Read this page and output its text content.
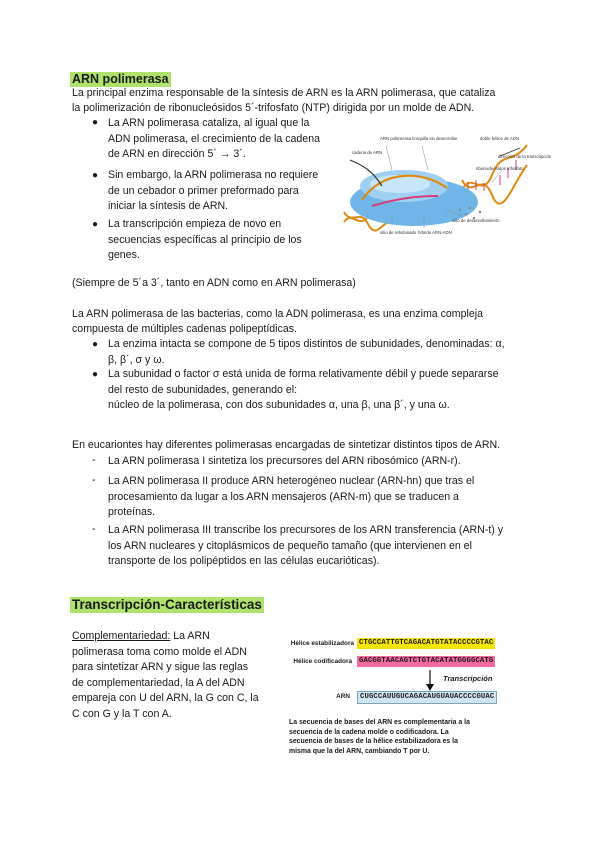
ARN polimerasa
La principal enzima responsable de la síntesis de ARN es la ARN polimerasa, que cataliza
la polimerización de ribonucleósidos 5´-trifosfato (NTP) dirigida por un molde de ADN.
● La ARN polimerasa cataliza, al igual que la
ADN polimerasa, el crecimiento de la cadena
de ARN en dirección 5´ → 3´.
● Sin embargo, la ARN polimerasa no requiere
de un cebador o primer preformado para
iniciar la síntesis de ARN.
● La transcripción empieza de novo en
secuencias específicas al principio de los
genes.
ARN polimerasa horquilla sin desenrollar	doble hélice de ADN
dirección de la transcripción
ribonucleósidos trifosfato
sitio de desenrollamiento
cadena de ARN
híbrido ARN-ADN
sitio de rebobinado
(Siempre de 5´a 3´, tanto en ADN como en ARN polimerasa)
La ARN polimerasa de las bacterias, como la ADN polimerasa, es una enzima compleja
compuesta de múltiples cadenas polipeptídicas.
● La enzima intacta se compone de 5 tipos distintos de subunidades, denominadas: α,
β, β´, σ y ω.
● La subunidad o factor σ está unida de forma relativamente débil y puede separarse
del resto de subunidades, generando el:
núcleo de la polimerasa, con dos subunidades α, una β, una β´, y una ω.
En eucariontes hay diferentes polimerasas encargadas de sintetizar distintos tipos de ARN.
- La ARN polimerasa I sintetiza los precursores del ARN ribosómico (ARN-r).
- La ARN polimerasa II produce ARN heterogéneo nuclear (ARN-hn) que tras el
procesamiento da lugar a los ARN mensajeros (ARN-m) que se traducen a
proteínas.
- La ARN polimerasa III transcribe los precursores de los ARN transferencia (ARN-t) y
los ARN nucleares y citoplásmicos de pequeño tamaño (que intervienen en el
transporte de los polipéptidos en las células eucarióticas).
Transcripción-Características
Complementariedad: La ARN
polimerasa toma como molde el ADN
para sintetizar ARN y sigue las reglas
de complementariedad, la A del ADN
empareja con U del ARN, la G con C, la
C con G y la T con A.
Hélice estabilizadora CTGCCATTGTCAGACATGTATACCCCGTAC
Hélice codificadora GACGGTAACAGTCTGTACATATGGGGCATG
Transcripción
ARN	CUGCCAUUGUCAGACAUGUAUACCCCGUAC
La secuencia de bases del ARN es complementaria a la
secuencia de la cadena molde o codificadora. La
secuencia de bases de la hélice estabilizadora es la
misma que la del ARN, cambiando T por U.
